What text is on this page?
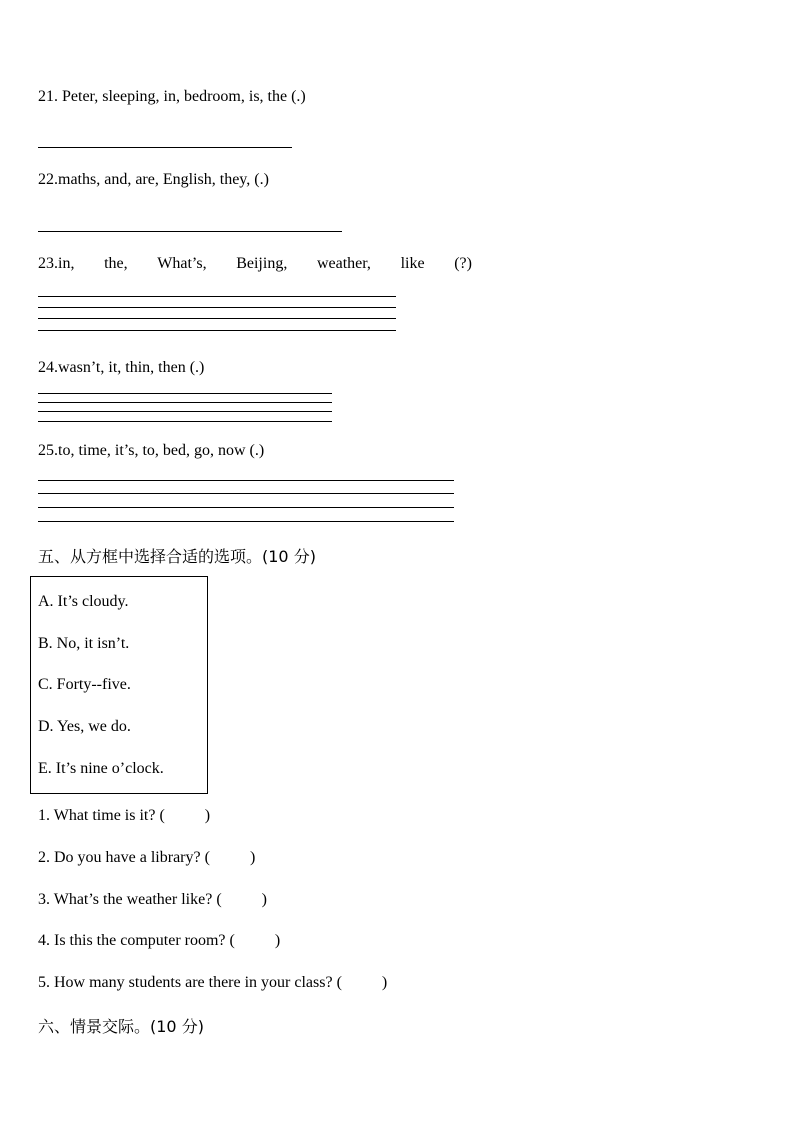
21. Peter, sleeping, in, bedroom, is, the (.)
22.maths, and, are, English, they, (.)
23.in, the, What’s, Beijing, weather, like (?)
24.wasn’t, it, thin, then (.)
25.to, time, it’s, to, bed, go, now (.)
五、从方框中选择合适的选项。(10 分)
A. It’s cloudy.
B. No, it isn’t.
C. Forty--five.
D. Yes, we do.
E. It’s nine o’clock.
1. What time is it? (	)
2. Do you have a library? (	)
3. What’s the weather like? (	)
4. Is this the computer room? (	)
5. How many students are there in your class? (	)
六、情景交际。(10 分)
